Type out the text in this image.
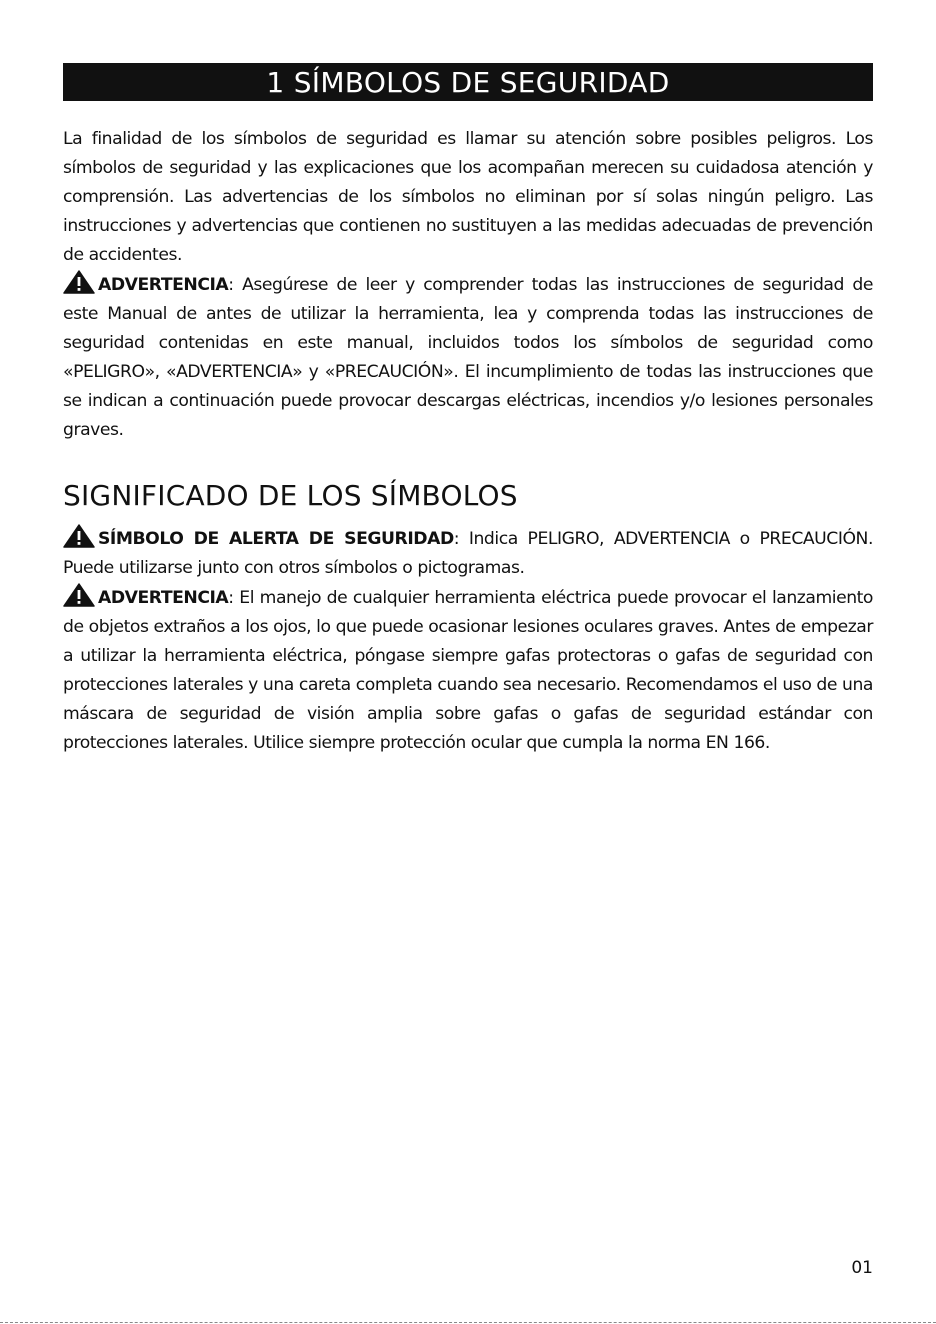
1 SÍMBOLOS DE SEGURIDAD

La finalidad de los símbolos de seguridad es llamar su atención sobre posibles peligros. Los símbolos de seguridad y las explicaciones que los acompañan merecen su cuidadosa atención y comprensión. Las advertencias de los símbolos no eliminan por sí solas ningún peligro. Las instrucciones y advertencias que contienen no sustituyen a las medidas adecuadas de prevención de accidentes.

ADVERTENCIA: Asegúrese de leer y comprender todas las instrucciones de seguridad de este Manual de antes de utilizar la herramienta, lea y comprenda todas las instrucciones de seguridad contenidas en este manual, incluidos todos los símbolos de seguridad como «PELIGRO», «ADVERTENCIA» y «PRECAUCIÓN». El incumplimiento de todas las instrucciones que se indican a continuación puede provocar descargas eléctricas, incendios y/o lesiones personales graves.

SIGNIFICADO DE LOS SÍMBOLOS

SÍMBOLO DE ALERTA DE SEGURIDAD: Indica PELIGRO, ADVERTENCIA o PRECAUCIÓN. Puede utilizarse junto con otros símbolos o pictogramas.

ADVERTENCIA: El manejo de cualquier herramienta eléctrica puede provocar el lanzamiento de objetos extraños a los ojos, lo que puede ocasionar lesiones oculares graves. Antes de empezar a utilizar la herramienta eléctrica, póngase siempre gafas protectoras o gafas de seguridad con protecciones laterales y una careta completa cuando sea necesario. Recomendamos el uso de una máscara de seguridad de visión amplia sobre gafas o gafas de seguridad estándar con protecciones laterales. Utilice siempre protección ocular que cumpla la norma EN 166.

01
